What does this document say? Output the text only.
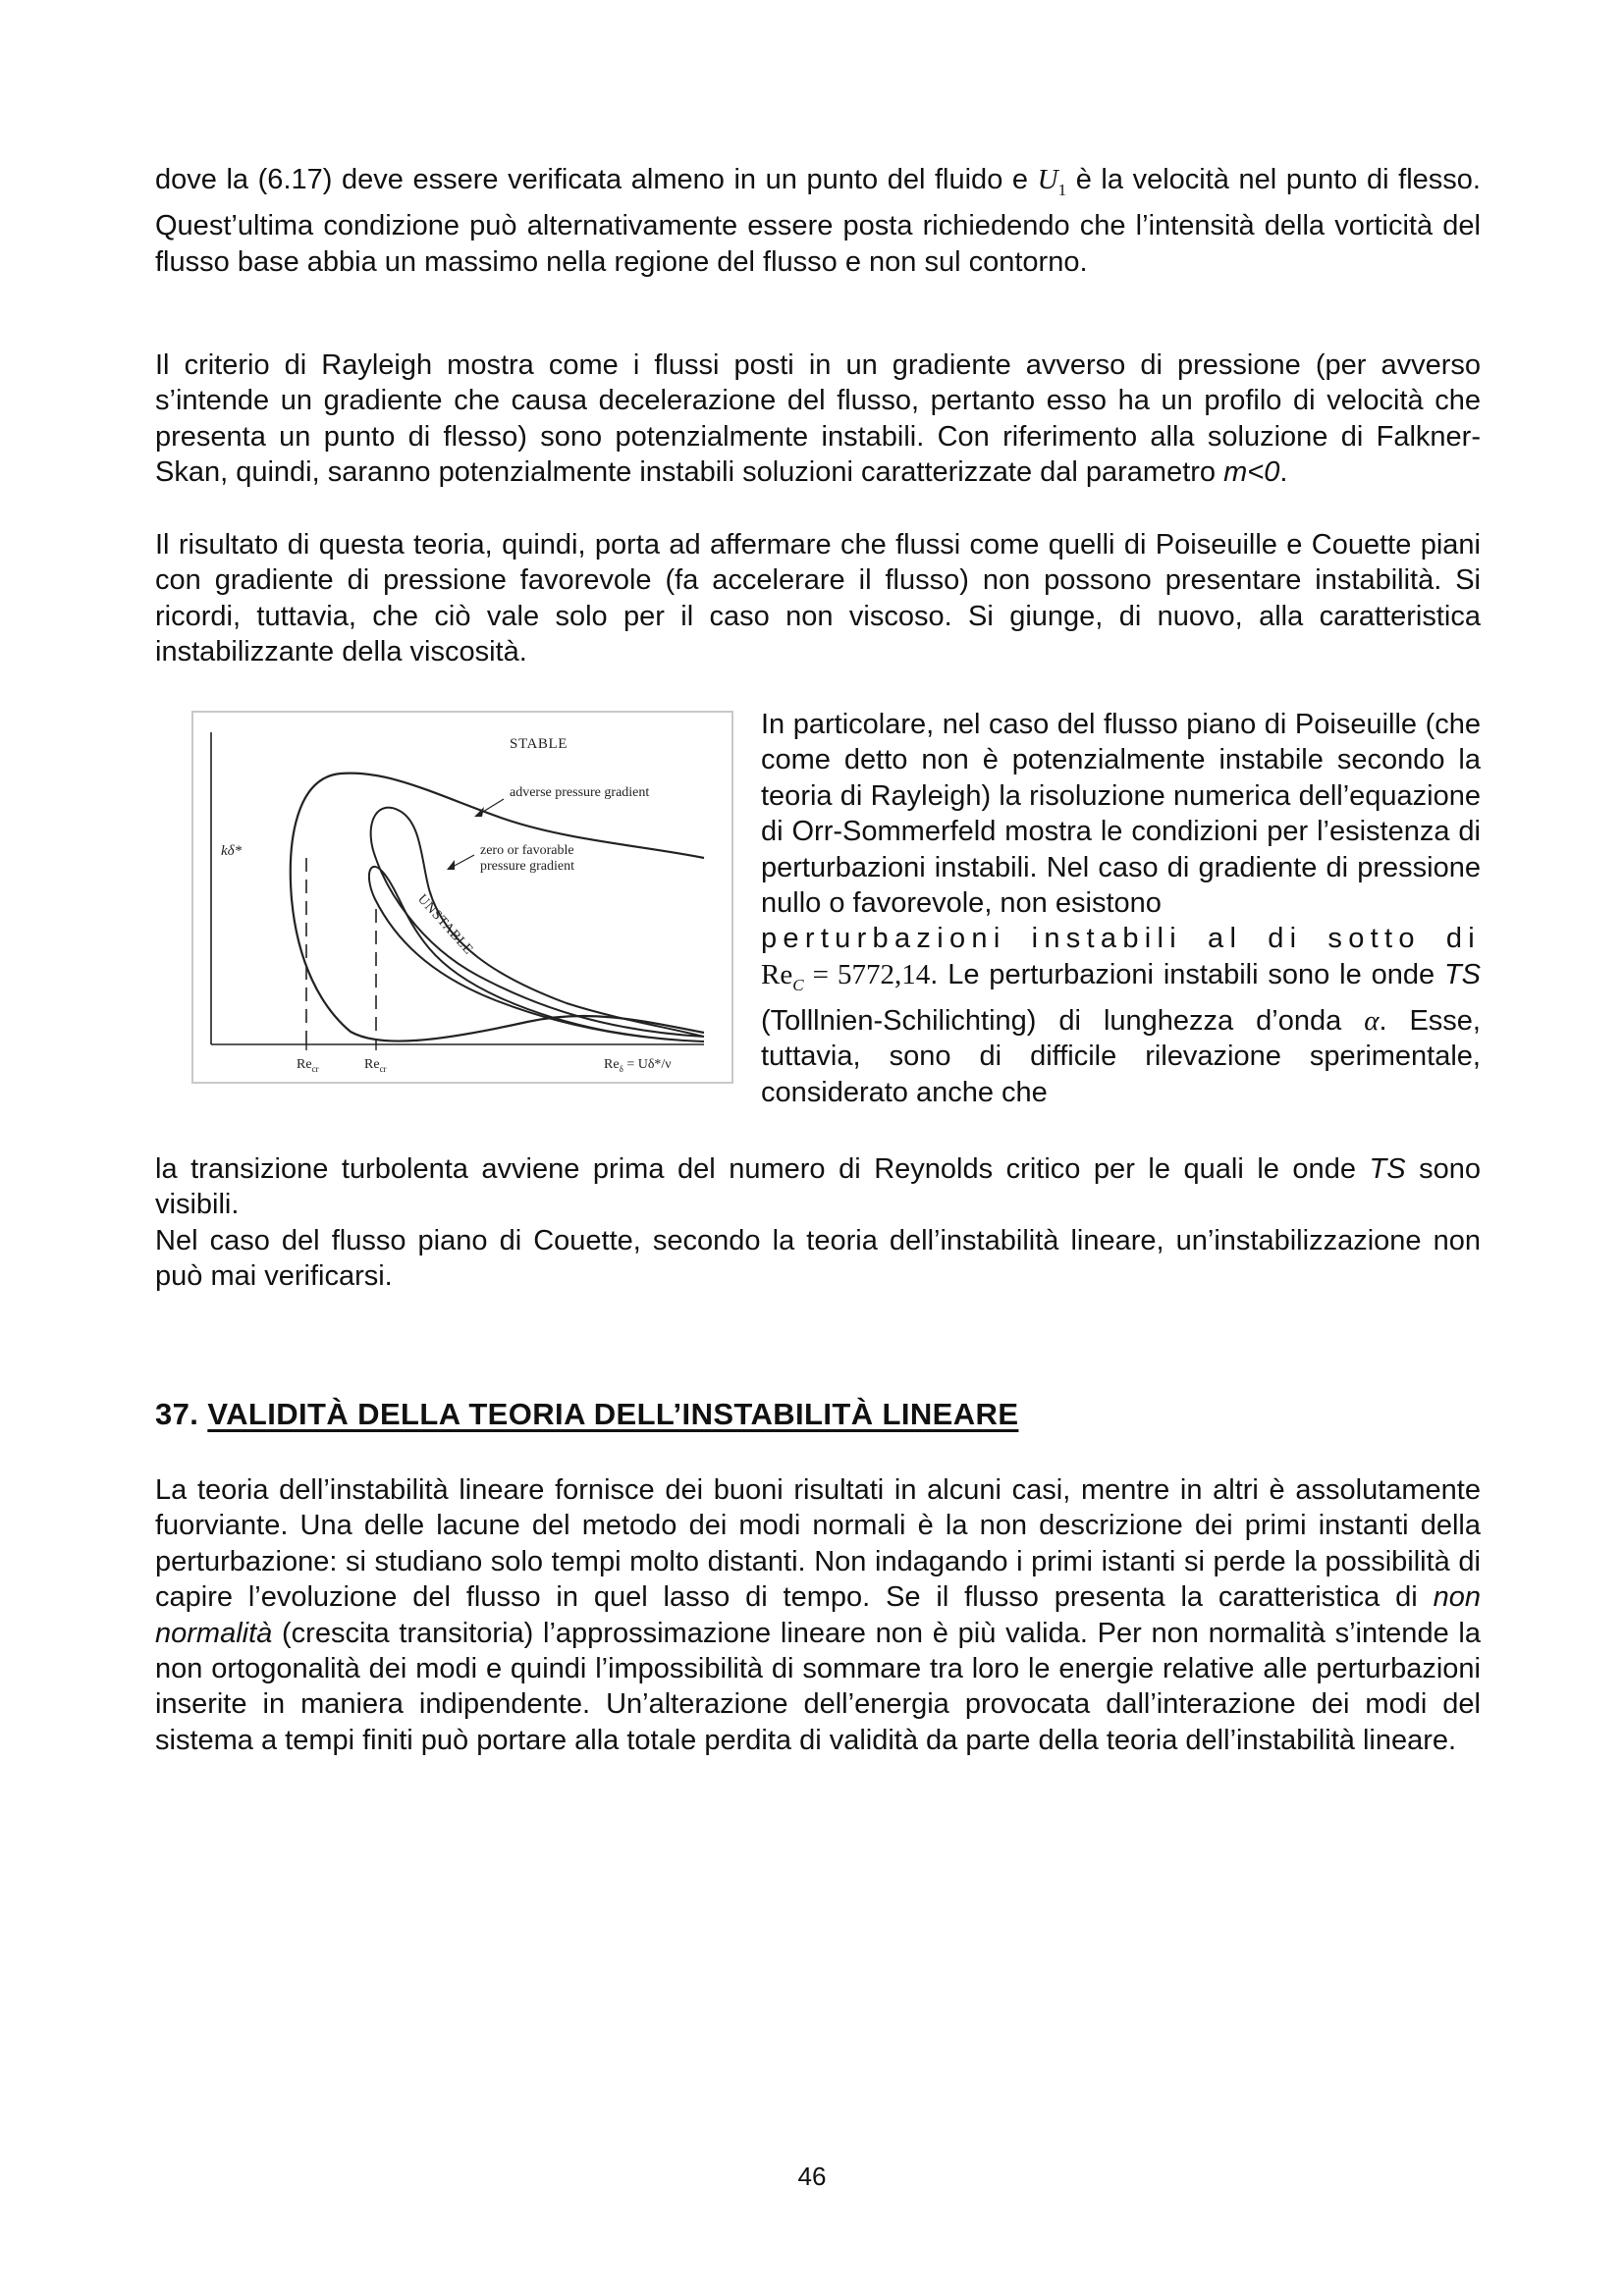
dove la (6.17) deve essere verificata almeno in un punto del fluido e $U_1$ è la velocità nel punto di flesso. Quest’ultima condizione può alternativamente essere posta richiedendo che l’intensità della vorticità del flusso base abbia un massimo nella regione del flusso e non sul contorno.
Il criterio di Rayleigh mostra come i flussi posti in un gradiente avverso di pressione (per avverso s’intende un gradiente che causa decelerazione del flusso, pertanto esso ha un profilo di velocità che presenta un punto di flesso) sono potenzialmente instabili. Con riferimento alla soluzione di Falkner-Skan, quindi, saranno potenzialmente instabili soluzioni caratterizzate dal parametro m<0.
Il risultato di questa teoria, quindi, porta ad affermare che flussi come quelli di Poiseuille e Couette piani con gradiente di pressione favorevole (fa accelerare il flusso) non possono presentare instabilità. Si ricordi, tuttavia, che ciò vale solo per il caso non viscoso. Si giunge, di nuovo, alla caratteristica instabilizzante della viscosità.
STABLE
adverse pressure gradient
zero or favorable
pressure gradient
UNSTABLE
kδ*
$Re_{cr}$	$Re_{cr}$	$Re_\delta = U\delta*/\nu$
In particolare, nel caso del flusso piano di Poiseuille (che come detto non è potenzialmente instabile secondo la teoria di Rayleigh) la risoluzione numerica dell’equazione di Orr-Sommerfeld mostra le condizioni per l’esistenza di perturbazioni instabili. Nel caso di gradiente di pressione nullo o favorevole, non esistono
perturbazioni instabili al di sotto di
$Re_C = 5772,14$. Le perturbazioni instabili sono le onde TS (Tolllnien-Schilichting) di lunghezza d’onda α. Esse, tuttavia, sono di difficile rilevazione sperimentale, considerato anche che
la transizione turbolenta avviene prima del numero di Reynolds critico per le quali le onde TS sono visibili.
Nel caso del flusso piano di Couette, secondo la teoria dell’instabilità lineare, un’instabilizzazione non può mai verificarsi.
37. VALIDITÀ DELLA TEORIA DELL’INSTABILITÀ LINEARE
La teoria dell’instabilità lineare fornisce dei buoni risultati in alcuni casi, mentre in altri è assolutamente fuorviante. Una delle lacune del metodo dei modi normali è la non descrizione dei primi instanti della perturbazione: si studiano solo tempi molto distanti. Non indagando i primi istanti si perde la possibilità di capire l’evoluzione del flusso in quel lasso di tempo. Se il flusso presenta la caratteristica di non normalità (crescita transitoria) l’approssimazione lineare non è più valida. Per non normalità s’intende la non ortogonalità dei modi e quindi l’impossibilità di sommare tra loro le energie relative alle perturbazioni inserite in maniera indipendente. Un’alterazione dell’energia provocata dall’interazione dei modi del sistema a tempi finiti può portare alla totale perdita di validità da parte della teoria dell’instabilità lineare.
46
